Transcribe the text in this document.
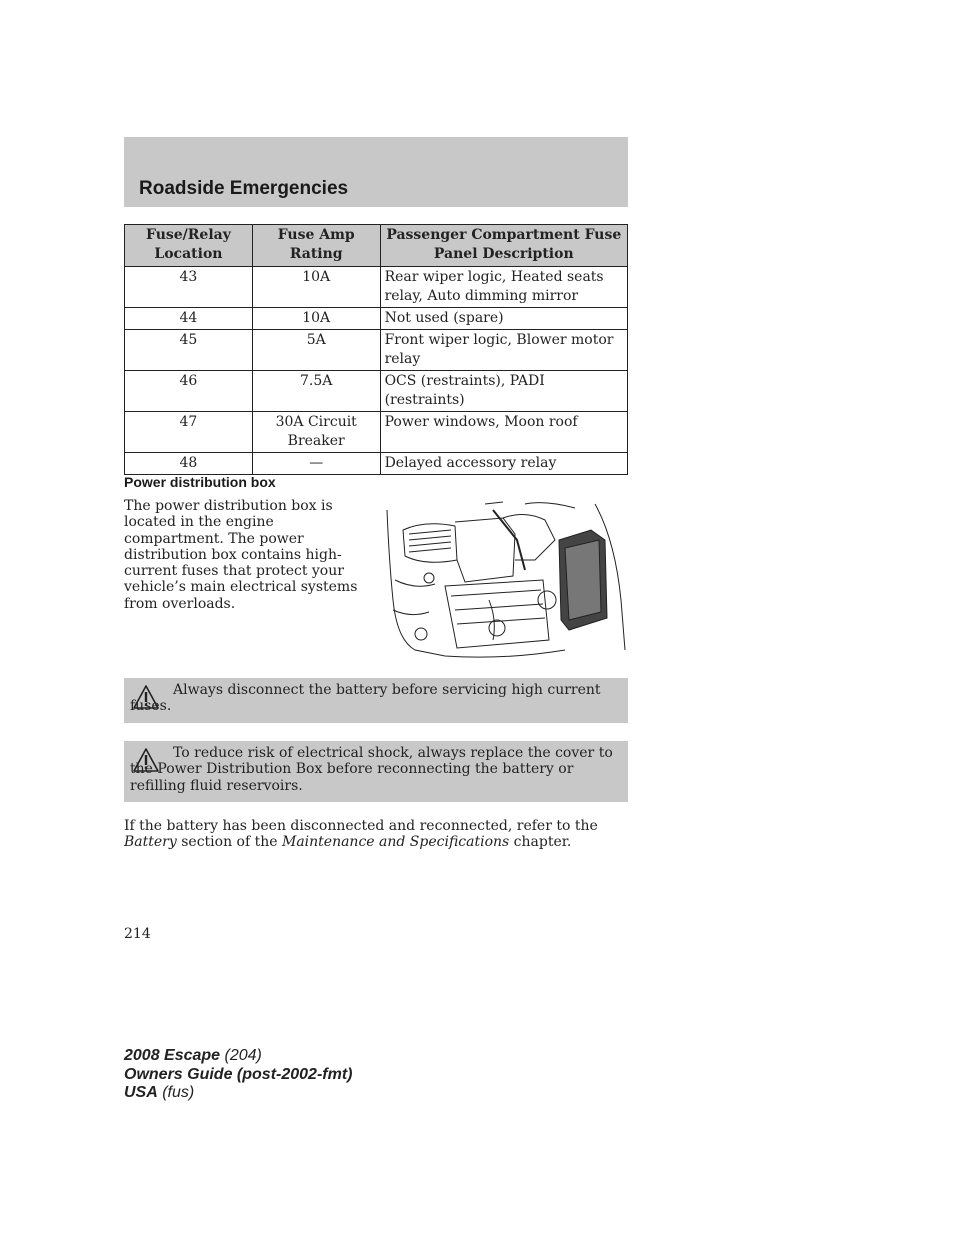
Roadside Emergencies
Fuse/Relay Location	Fuse Amp Rating	Passenger Compartment Fuse Panel Description
43	10A	Rear wiper logic, Heated seats relay, Auto dimming mirror
44	10A	Not used (spare)
45	5A	Front wiper logic, Blower motor relay
46	7.5A	OCS (restraints), PADI (restraints)
47	30A Circuit Breaker	Power windows, Moon roof
48	—	Delayed accessory relay
Power distribution box
The power distribution box is located in the engine compartment. The power distribution box contains high-current fuses that protect your vehicle’s main electrical systems from overloads.
Always disconnect the battery before servicing high current fuses.
To reduce risk of electrical shock, always replace the cover to the Power Distribution Box before reconnecting the battery or refilling fluid reservoirs.
If the battery has been disconnected and reconnected, refer to the Battery section of the Maintenance and Specifications chapter.
214
2008 Escape (204)
Owners Guide (post-2002-fmt)
USA (fus)
